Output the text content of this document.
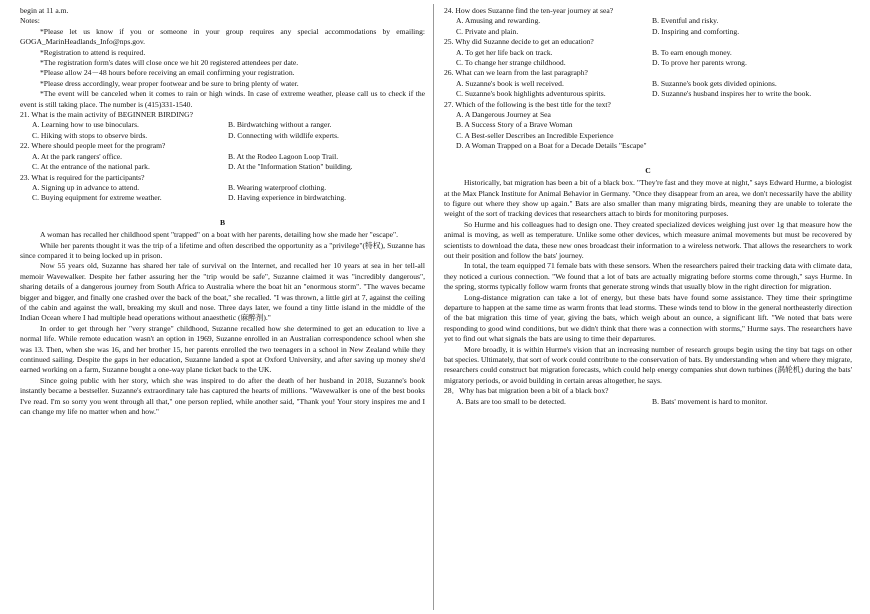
begin at 11 a.m.

Notes:

*Please let us know if you or someone in your group requires any special accommodations by emailing: GOGA_MarinHeadlands_Info@nps.gov.

*Registration to attend is required.

*The registration form's dates will close once we hit 20 registered attendees per date.

*Please allow 24－48 hours before receiving an email confirming your registration.

*Please dress accordingly, wear proper footwear and be sure to bring plenty of water.

*The event will be canceled when it comes to rain or high winds. In case of extreme weather, please call us to check if the event is still taking place. The number is (415)331-1540.

21. What is the main activity of BEGINNER BIRDING?

A. Learning how to use binoculars.	B. Birdwatching without a ranger.
C. Hiking with stops to observe birds.	D. Connecting with wildlife experts.

22. Where should people meet for the program?

A. At the park rangers' office.	B. At the Rodeo Lagoon Loop Trail.
C. At the entrance of the national park.	D. At the "Information Station" building.

23. What is required for the participants?

A. Signing up in advance to attend.	B. Wearing waterproof clothing.
C. Buying equipment for extreme weather.	D. Having experience in birdwatching.

B

A woman has recalled her childhood spent "trapped" on a boat with her parents, detailing how she made her "escape".

While her parents thought it was the trip of a lifetime and often described the opportunity as a "privilege"(特权), Suzanne has since compared it to being locked up in prison.

Now 55 years old, Suzanne has shared her tale of survival on the Internet, and recalled her 10 years at sea in her tell-all memoir Wavewalker. Despite her father assuring her the "trip would be safe", Suzanne claimed it was "incredibly dangerous", sharing details of a dangerous journey from South Africa to Australia where the boat hit an "enormous storm". "The waves became bigger and bigger, and finally one crashed over the back of the boat," she recalled. "I was thrown, a little girl at 7, against the ceiling of the cabin and against the wall, breaking my skull and nose. Three days later, we found a tiny little island in the middle of the Indian Ocean where I had multiple head operations without anaesthetic (麻醉剂)."

In order to get through her "very strange" childhood, Suzanne recalled how she determined to get an education to live a normal life. While remote education wasn't an option in 1969, Suzanne enrolled in an Australian correspondence school when she was 13. Then, when she was 16, and her brother 15, her parents enrolled the two teenagers in a school in New Zealand while they continued sailing. Despite the gaps in her education, Suzanne landed a spot at Oxford University, and after saving up money she'd earned working on a farm, Suzanne bought a one-way plane ticket back to the UK.

Since going public with her story, which she was inspired to do after the death of her husband in 2018, Suzanne's book instantly became a bestseller. Suzanne's extraordinary tale has captured the hearts of millions. "Wavewalker is one of the best books I've read. I'm so sorry you went through all that," one person replied, while another said, "Thank you! Your story inspires me and I can change my life no matter when and how."

24. How does Suzanne find the ten-year journey at sea?

A. Amusing and rewarding.	B. Eventful and risky.
C. Private and plain.	D. Inspiring and comforting.

25. Why did Suzanne decide to get an education?

A. To get her life back on track.	B. To earn enough money.
C. To change her strange childhood.	D. To prove her parents wrong.

26. What can we learn from the last paragraph?

A. Suzanne's book is well received.	B. Suzanne's book gets divided opinions.
C. Suzanne's book highlights adventurous spirits.	D. Suzanne's husband inspires her to write the book.

27. Which of the following is the best title for the text?

A. A Dangerous Journey at Sea
B. A Success Story of a Brave Woman
C. A Best-seller Describes an Incredible Experience
D. A Woman Trapped on a Boat for a Decade Details "Escape"

C

Historically, bat migration has been a bit of a black box. "They're fast and they move at night," says Edward Hurme, a biologist at the Max Planck Institute for Animal Behavior in Germany. "Once they disappear from an area, we don't necessarily have the ability to figure out where they show up again." Bats are also smaller than many migrating birds, meaning they are unable to tolerate the weight of the sort of tracking devices that researchers attach to birds for monitoring purposes.

So Hurme and his colleagues had to design one. They created specialized devices weighing just over 1g that measure how the animal is moving, as well as temperature. Unlike some other devices, which measure animal movements but must be recovered by scientists to download the data, these new ones broadcast their information to a wireless network. That allows the researchers to work out their position and follow the bats' journey.

In total, the team equipped 71 female bats with these sensors. When the researchers paired their tracking data with climate data, they noticed a curious connection. "We found that a lot of bats are actually migrating before storms come through," says Hurme. In the spring, storms typically follow warm fronts that generate strong winds that usually blow in the right direction for migration.

Long-distance migration can take a lot of energy, but these bats have found some assistance. They time their springtime departure to happen at the same time as warm fronts that lead storms. These winds tend to blow in the general northeasterly direction of the bat migration this time of year, giving the bats, which weigh about an ounce, a significant lift. "We noted that bats were responding to good wind conditions, but we didn't think that there was a connection with storms," Hurme says. The researchers have yet to find out what signals the bats are using to time their departures.

More broadly, it is within Hurme's vision that an increasing number of research groups begin using the tiny bat tags on other bat species. Ultimately, that sort of work could contribute to the conservation of bats. By understanding when and where they migrate, researchers could construct bat migration forecasts, which could help energy companies shut down turbines (涡轮机) during the bats' migratory periods, or avoid building in certain areas altogether, he says.

28．Why has bat migration been a bit of a black box?

A. Bats are too small to be detected.	B. Bats' movement is hard to monitor.
